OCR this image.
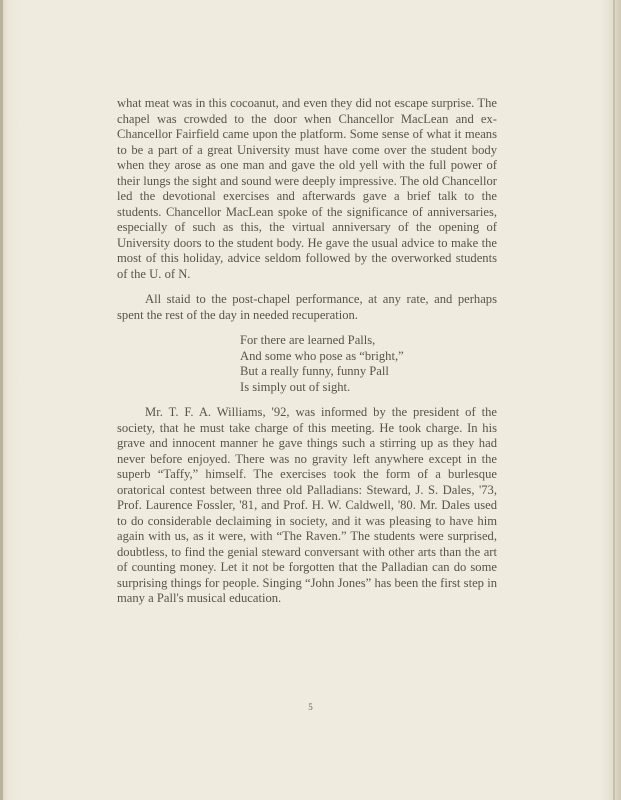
what meat was in this cocoanut, and even they did not escape surprise. The chapel was crowded to the door when Chancellor MacLean and ex-Chancellor Fairfield came upon the platform. Some sense of what it means to be a part of a great University must have come over the student body when they arose as one man and gave the old yell with the full power of their lungs the sight and sound were deeply impressive. The old Chancellor led the devotional exercises and afterwards gave a brief talk to the students. Chancellor MacLean spoke of the significance of anniversaries, especially of such as this, the virtual anniversary of the opening of University doors to the student body. He gave the usual advice to make the most of this holiday, advice seldom followed by the overworked students of the U. of N.

All staid to the post-chapel performance, at any rate, and perhaps spent the rest of the day in needed recuperation.

For there are learned Palls,
And some who pose as “bright,”
But a really funny, funny Pall
Is simply out of sight.

Mr. T. F. A. Williams, '92, was informed by the president of the society, that he must take charge of this meeting. He took charge. In his grave and innocent manner he gave things such a stirring up as they had never before enjoyed. There was no gravity left anywhere except in the superb “Taffy,” himself. The exercises took the form of a burlesque oratorical contest between three old Palladians: Steward, J. S. Dales, '73, Prof. Laurence Fossler, '81, and Prof. H. W. Caldwell, '80. Mr. Dales used to do considerable declaiming in society, and it was pleasing to have him again with us, as it were, with “The Raven.” The students were surprised, doubtless, to find the genial steward conversant with other arts than the art of counting money. Let it not be forgotten that the Palladian can do some surprising things for people. Singing “John Jones” has been the first step in many a Pall's musical education.

5
